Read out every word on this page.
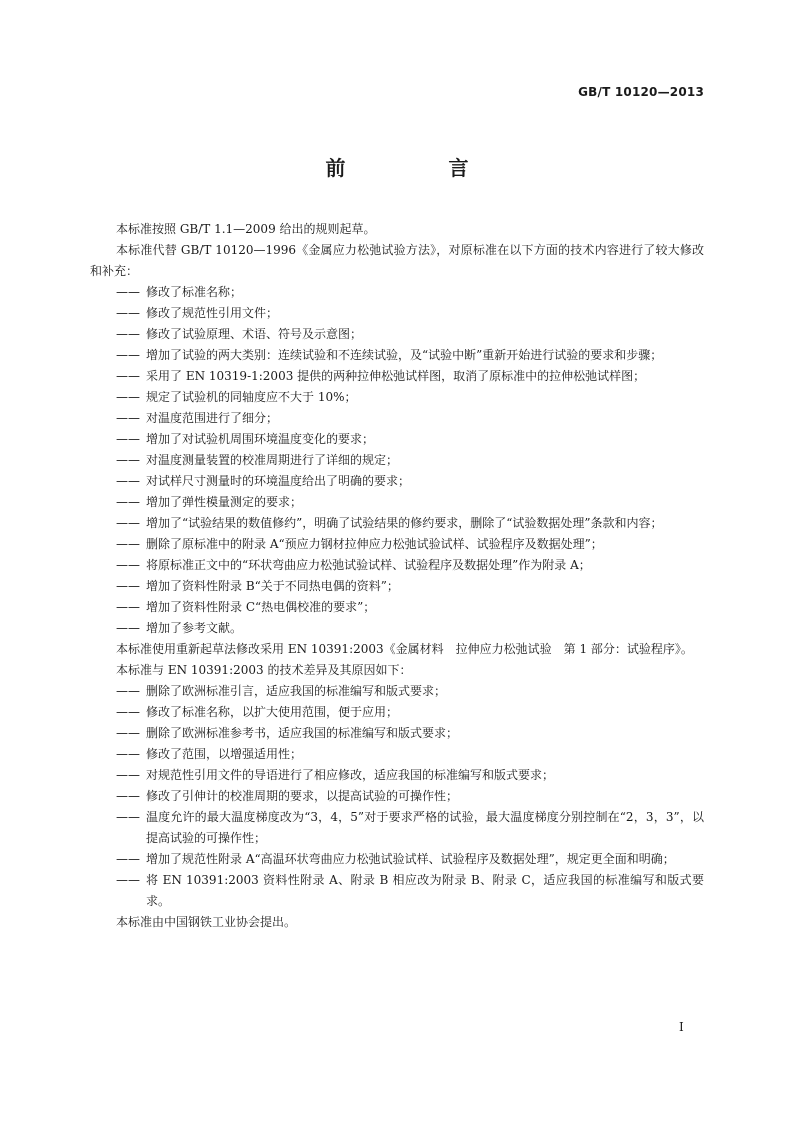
GB/T 10120—2013
前 言

本标准按照 GB/T 1.1—2009 给出的规则起草。

本标准代替 GB/T 10120—1996《金属应力松弛试验方法》，对原标准在以下方面的技术内容进行了较大修改和补充：

—— 修改了标准名称；
—— 修改了规范性引用文件；
—— 修改了试验原理、术语、符号及示意图；
—— 增加了试验的两大类别：连续试验和不连续试验，及“试验中断”重新开始进行试验的要求和步骤；
—— 采用了 EN 10319-1:2003 提供的两种拉伸松弛试样图，取消了原标准中的拉伸松弛试样图；
—— 规定了试验机的同轴度应不大于 10%；
—— 对温度范围进行了细分；
—— 增加了对试验机周围环境温度变化的要求；
—— 对温度测量装置的校准周期进行了详细的规定；
—— 对试样尺寸测量时的环境温度给出了明确的要求；
—— 增加了弹性模量测定的要求；
—— 增加了“试验结果的数值修约”，明确了试验结果的修约要求，删除了“试验数据处理”条款和内容；
—— 删除了原标准中的附录 A“预应力钢材拉伸应力松弛试验试样、试验程序及数据处理”；
—— 将原标准正文中的“环状弯曲应力松弛试验试样、试验程序及数据处理”作为附录 A；
—— 增加了资料性附录 B“关于不同热电偶的资料”；
—— 增加了资料性附录 C“热电偶校准的要求”；
—— 增加了参考文献。

本标准使用重新起草法修改采用 EN 10391:2003《金属材料　拉伸应力松弛试验　第 1 部分：试验程序》。

本标准与 EN 10391:2003 的技术差异及其原因如下：

—— 删除了欧洲标准引言，适应我国的标准编写和版式要求；
—— 修改了标准名称，以扩大使用范围，便于应用；
—— 删除了欧洲标准参考书，适应我国的标准编写和版式要求；
—— 修改了范围，以增强适用性；
—— 对规范性引用文件的导语进行了相应修改，适应我国的标准编写和版式要求；
—— 修改了引伸计的校准周期的要求，以提高试验的可操作性；
—— 温度允许的最大温度梯度改为“3，4，5”对于要求严格的试验，最大温度梯度分别控制在“2，3，3”，以提高试验的可操作性；
—— 增加了规范性附录 A“高温环状弯曲应力松弛试验试样、试验程序及数据处理”，规定更全面和明确；
—— 将 EN 10391:2003 资料性附录 A、附录 B 相应改为附录 B、附录 C，适应我国的标准编写和版式要求。

本标准由中国钢铁工业协会提出。

I
